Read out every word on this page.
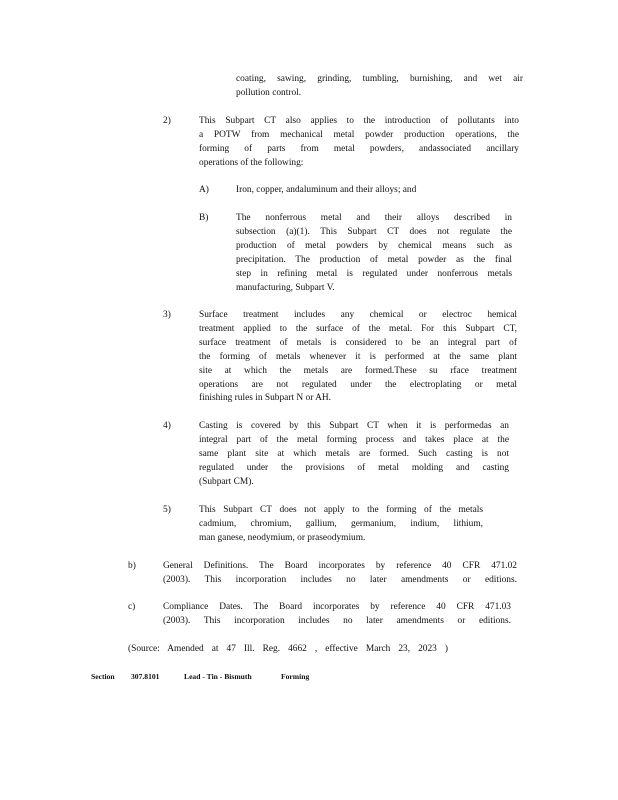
coating, sawing, grinding, tumbling, burnishing, and wet air
pollution control.
2)	This Subpart CT also applies to the introduction of pollutants into
a POTW from mechanical metal powder production operations, the
forming of parts from metal powders, andassociated ancillary
operations of the following:
A)	Iron, copper, andaluminum and their alloys; and
B)	The nonferrous metal and their alloys described in
subsection (a)(1). This Subpart CT does not regulate the
production of metal powders by chemical means such as
precipitation. The production of metal powder as the final
step in refining metal is regulated under nonferrous metals
manufacturing, Subpart V.
3)	Surface treatment includes any chemical or electroc hemical
treatment applied to the surface of the metal. For this Subpart CT,
surface treatment of metals is considered to be an integral part of
the forming of metals whenever it is performed at the same plant
site at which the metals are formed.These su rface treatment
operations are not regulated under the electroplating or metal
finishing rules in Subpart N or AH.
4)	Casting is covered by this Subpart CT when it is performedas an
integral part of the metal forming process and takes place at the
same plant site at which metals are formed. Such casting is not
regulated under the provisions of metal molding and casting
(Subpart CM).
5)	This Subpart CT does not apply to the forming of the metals
cadmium, chromium, gallium, germanium, indium, lithium,
man ganese, neodymium, or praseodymium.
b)	General Definitions. The Board incorporates by reference 40 CFR 471.02
(2003). This incorporation includes no later amendments or editions.
c)	Compliance Dates. The Board incorporates by reference 40 CFR 471.03
(2003). This incorporation includes no later amendments or editions.
(Source: Amended at 47 Ill. Reg. 4662 , effective March 23, 2023 )
Section 307.8101	Lead - Tin - Bismuth	Forming
